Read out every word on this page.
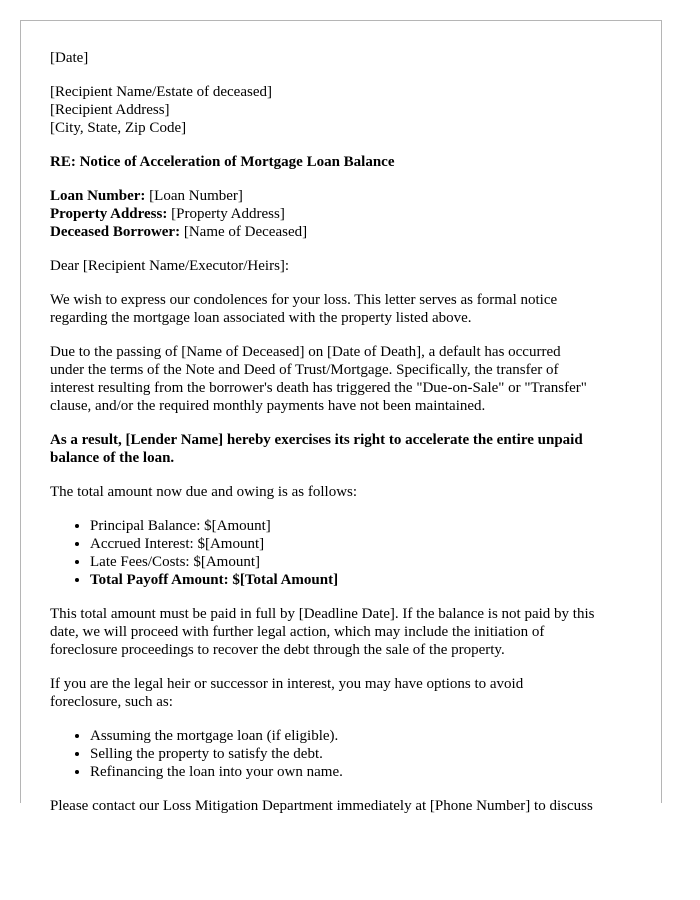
[Date]
[Recipient Name/Estate of deceased]
[Recipient Address]
[City, State, Zip Code]
RE: Notice of Acceleration of Mortgage Loan Balance
Loan Number: [Loan Number]
Property Address: [Property Address]
Deceased Borrower: [Name of Deceased]
Dear [Recipient Name/Executor/Heirs]:
We wish to express our condolences for your loss. This letter serves as formal notice
regarding the mortgage loan associated with the property listed above.
Due to the passing of [Name of Deceased] on [Date of Death], a default has occurred
under the terms of the Note and Deed of Trust/Mortgage. Specifically, the transfer of
interest resulting from the borrower's death has triggered the "Due-on-Sale" or "Transfer"
clause, and/or the required monthly payments have not been maintained.
As a result, [Lender Name] hereby exercises its right to accelerate the entire unpaid
balance of the loan.
The total amount now due and owing is as follows:
• Principal Balance: $[Amount]
• Accrued Interest: $[Amount]
• Late Fees/Costs: $[Amount]
• Total Payoff Amount: $[Total Amount]
This total amount must be paid in full by [Deadline Date]. If the balance is not paid by this
date, we will proceed with further legal action, which may include the initiation of
foreclosure proceedings to recover the debt through the sale of the property.
If you are the legal heir or successor in interest, you may have options to avoid
foreclosure, such as:
• Assuming the mortgage loan (if eligible).
• Selling the property to satisfy the debt.
• Refinancing the loan into your own name.
Please contact our Loss Mitigation Department immediately at [Phone Number] to discuss
